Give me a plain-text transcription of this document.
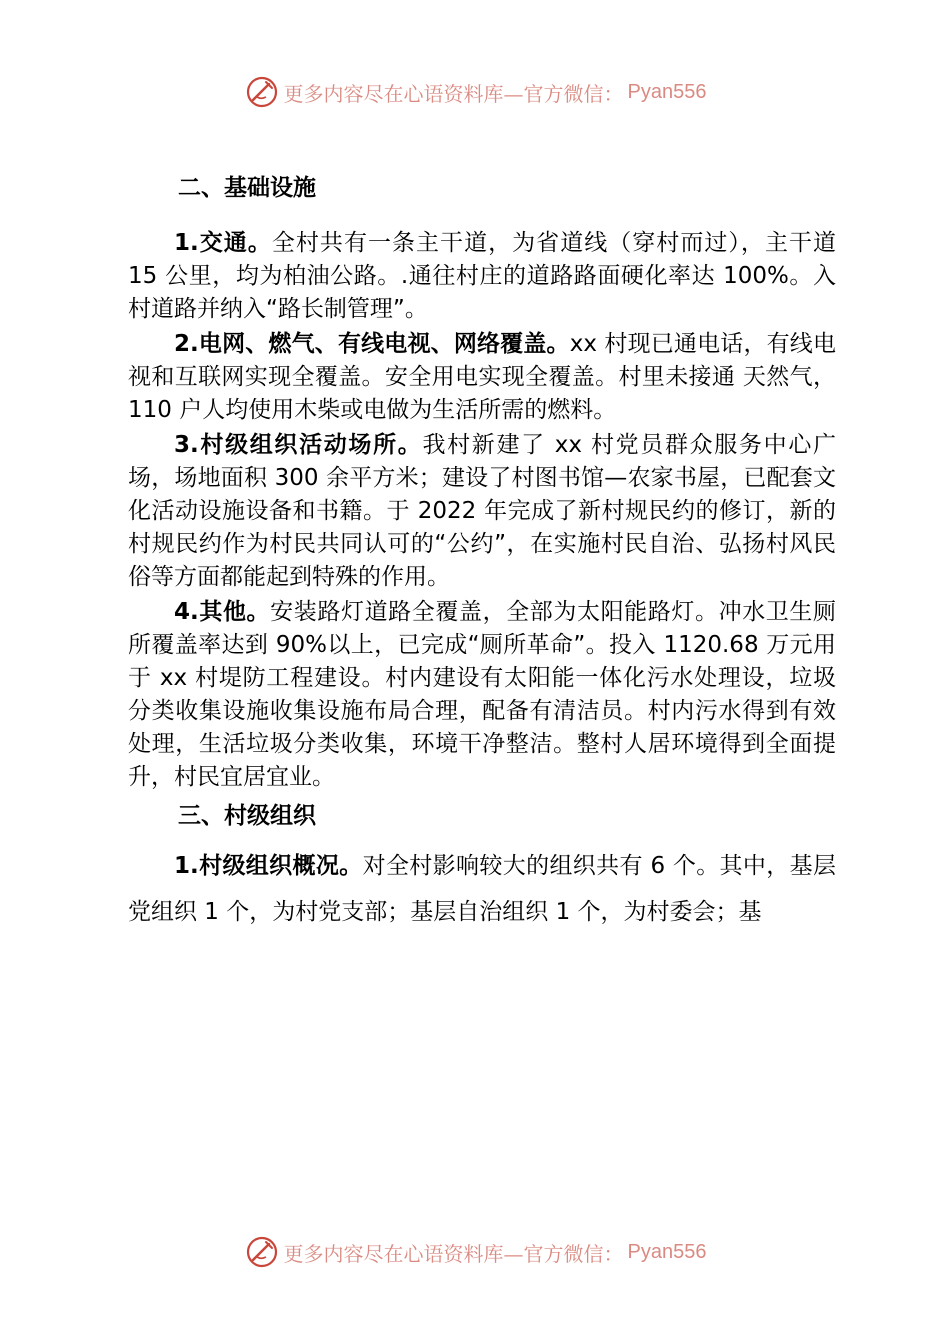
更多内容尽在心语资料库—官方微信： Pyan556

二、基础设施

1.交通。全村共有一条主干道，为省道线（穿村而过），主干道 15 公里，均为柏油公路。.通往村庄的道路路面硬化率达 100%。入村道路并纳入“路长制管理”。

2.电网、燃气、有线电视、网络覆盖。xx 村现已通电话，有线电视和互联网实现全覆盖。安全用电实现全覆盖。村里未接通 天然气，110 户人均使用木柴或电做为生活所需的燃料。

3.村级组织活动场所。我村新建了 xx 村党员群众服务中心广场，场地面积 300 余平方米；建设了村图书馆—农家书屋，已配套文化活动设施设备和书籍。于 2022 年完成了新村规民约的修订，新的村规民约作为村民共同认可的“公约”，在实施村民自治、弘扬村风民俗等方面都能起到特殊的作用。

4.其他。安装路灯道路全覆盖，全部为太阳能路灯。冲水卫生厕所覆盖率达到 90%以上，已完成“厕所革命”。投入 1120.68 万元用于 xx 村堤防工程建设。村内建设有太阳能一体化污水处理设，垃圾分类收集设施收集设施布局合理，配备有清洁员。村内污水得到有效处理，生活垃圾分类收集，环境干净整洁。整村人居环境得到全面提升，村民宜居宜业。

三、村级组织

1.村级组织概况。对全村影响较大的组织共有 6 个。其中，基层党组织 1 个，为村党支部；基层自治组织 1 个，为村委会；基

更多内容尽在心语资料库—官方微信： Pyan556
